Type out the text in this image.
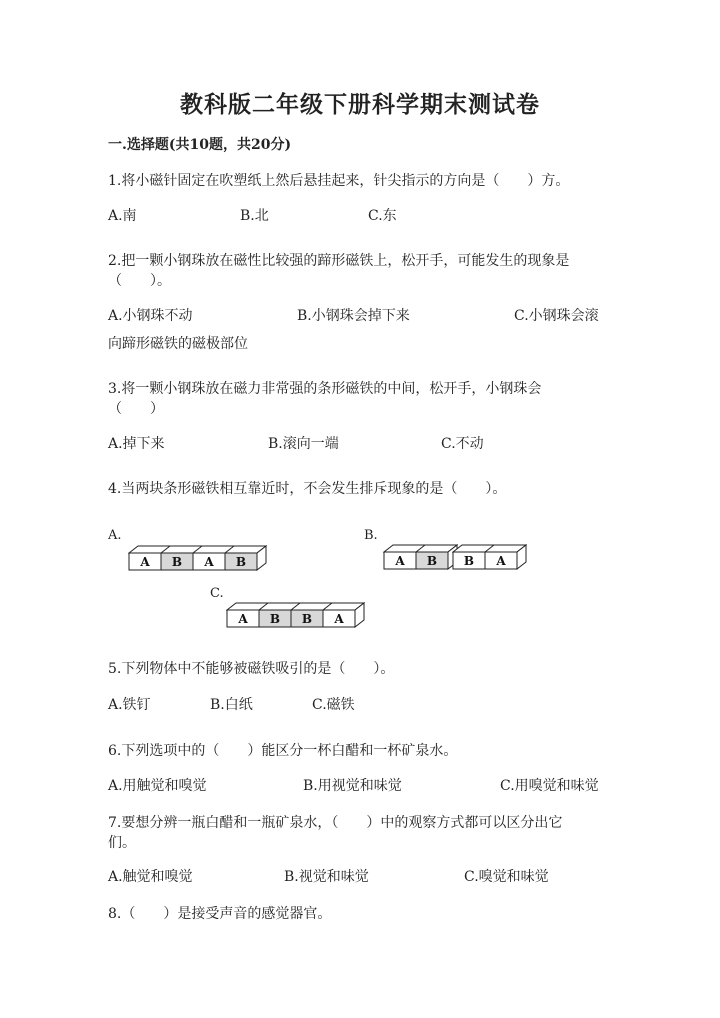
教科版二年级下册科学期末测试卷
一.选择题(共10题，共20分)
1.将小磁针固定在吹塑纸上然后悬挂起来，针尖指示的方向是（　　）方。
A.南	B.北	C.东
2.把一颗小钢珠放在磁性比较强的蹄形磁铁上，松开手，可能发生的现象是
（　　）。
A.小钢珠不动	B.小钢珠会掉下来	C.小钢珠会滚
向蹄形磁铁的磁极部位
3.将一颗小钢珠放在磁力非常强的条形磁铁的中间，松开手，小钢珠会
（　　）
A.掉下来	B.滚向一端	C.不动
4.当两块条形磁铁相互靠近时，不会发生排斥现象的是（　　）。
A.	B.
C.
A B A B	A B B A
A B B A
5.下列物体中不能够被磁铁吸引的是（　　）。
A.铁钉	B.白纸	C.磁铁
6.下列选项中的（　　）能区分一杯白醋和一杯矿泉水。
A.用触觉和嗅觉	B.用视觉和味觉	C.用嗅觉和味觉
7.要想分辨一瓶白醋和一瓶矿泉水，（　　）中的观察方式都可以区分出它
们。
A.触觉和嗅觉	B.视觉和味觉	C.嗅觉和味觉
8.（　　）是接受声音的感觉器官。
